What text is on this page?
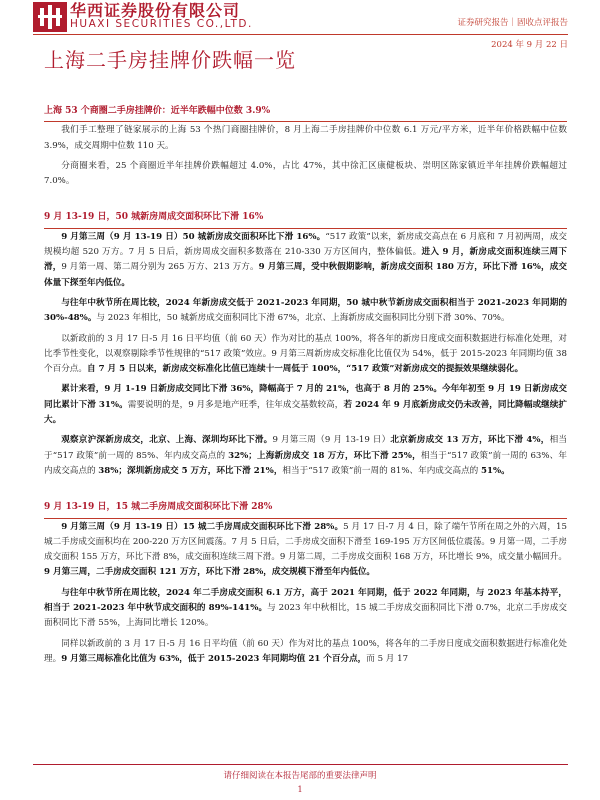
华西证券股份有限公司
HUAXI SECURITIES CO.,LTD.	证券研究报告｜固收点评报告
2024 年 9 月 22 日
上海二手房挂牌价跌幅一览
上海 53 个商圈二手房挂牌价：近半年跌幅中位数 3.9%

我们手工整理了链家展示的上海 53 个热门商圈挂牌价，8 月上海二手房挂牌价中位数 6.1 万元/平方米，近半年价格跌幅中位数 3.9%，成交周期中位数 110 天。

分商圈来看，25 个商圈近半年挂牌价跌幅超过 4.0%，占比 47%，其中徐汇区康健板块、崇明区陈家镇近半年挂牌价跌幅超过 7.0%。

9 月 13-19 日，50 城新房周成交面积环比下滑 16%

9 月第三周（9 月 13-19 日）50 城新房成交面积环比下滑 16%。“517 政策”以来，新房成交高点在 6 月底和 7 月初两周，成交规模均超 520 万方。7 月 5 日后，新房周成交面积多数落在 210-330 万方区间内，整体偏低。进入 9 月，新房成交面积连续三周下滑，9 月第一周、第二周分别为 265 万方、213 万方。9 月第三周，受中秋假期影响，新房成交面积 180 万方，环比下滑 16%，成交体量下探至年内低位。

与往年中秋节所在周比较，2024 年新房成交低于 2021-2023 年同期，50 城中秋节新房成交面积相当于 2021-2023 年同期的 30%-48%。与 2023 年相比，50 城新房成交面积同比下滑 67%，北京、上海新房成交面积同比分别下滑 30%、70%。

以新政前的 3 月 17 日-5 月 16 日平均值（前 60 天）作为对比的基点 100%，将各年的新房日度成交面积数据进行标准化处理，对比季节性变化，以观察剔除季节性规律的“517 政策”效应。9 月第三周新房成交标准化比值仅为 54%，低于 2015-2023 年同期均值 38 个百分点。自 7 月 5 日以来，新房成交标准化比值已连续十一周低于 100%，“517 政策”对新房成交的提振效果继续弱化。

累计来看，9 月 1-19 日新房成交同比下滑 36%，降幅高于 7 月的 21%，也高于 8 月的 25%。今年年初至 9 月 19 日新房成交同比累计下滑 31%。需要说明的是，9 月多是地产旺季，往年成交基数较高，若 2024 年 9 月底新房成交仍未改善，同比降幅或继续扩大。

观察京沪深新房成交，北京、上海、深圳均环比下滑。9 月第三周（9 月 13-19 日）北京新房成交 13 万方，环比下滑 4%，相当于“517 政策”前一周的 85%、年内成交高点的 32%；上海新房成交 18 万方，环比下滑 25%，相当于“517 政策”前一周的 63%、年内成交高点的 38%；深圳新房成交 5 万方，环比下滑 21%，相当于“517 政策”前一周的 81%、年内成交高点的 51%。

9 月 13-19 日，15 城二手房周成交面积环比下滑 28%

9 月第三周（9 月 13-19 日）15 城二手房周成交面积环比下滑 28%。5 月 17 日-7 月 4 日，除了端午节所在周之外的六周，15 城二手房成交面积均在 200-220 万方区间震荡。7 月 5 日后，二手房成交面积下滑至 169-195 万方区间低位震荡。9 月第一周，二手房成交面积 155 万方，环比下滑 8%，成交面积连续三周下滑。9 月第二周，二手房成交面积 168 万方，环比增长 9%，成交量小幅回升。9 月第三周，二手房成交面积 121 万方，环比下滑 28%，成交规模下滑至年内低位。

与往年中秋节所在周比较，2024 年二手房成交面积 6.1 万方，高于 2021 年同期，低于 2022 年同期，与 2023 年基本持平，相当于 2021-2023 年中秋节成交面积的 89%-141%。与 2023 年中秋相比，15 城二手房成交面积同比下滑 0.7%，北京二手房成交面积同比下滑 55%，上海同比增长 120%。

同样以新政前的 3 月 17 日-5 月 16 日平均值（前 60 天）作为对比的基点 100%，将各年的二手房日度成交面积数据进行标准化处理。9 月第三周标准化比值为 63%，低于 2015-2023 年同期均值 21 个百分点，而 5 月 17

请仔细阅读在本报告尾部的重要法律声明
1
